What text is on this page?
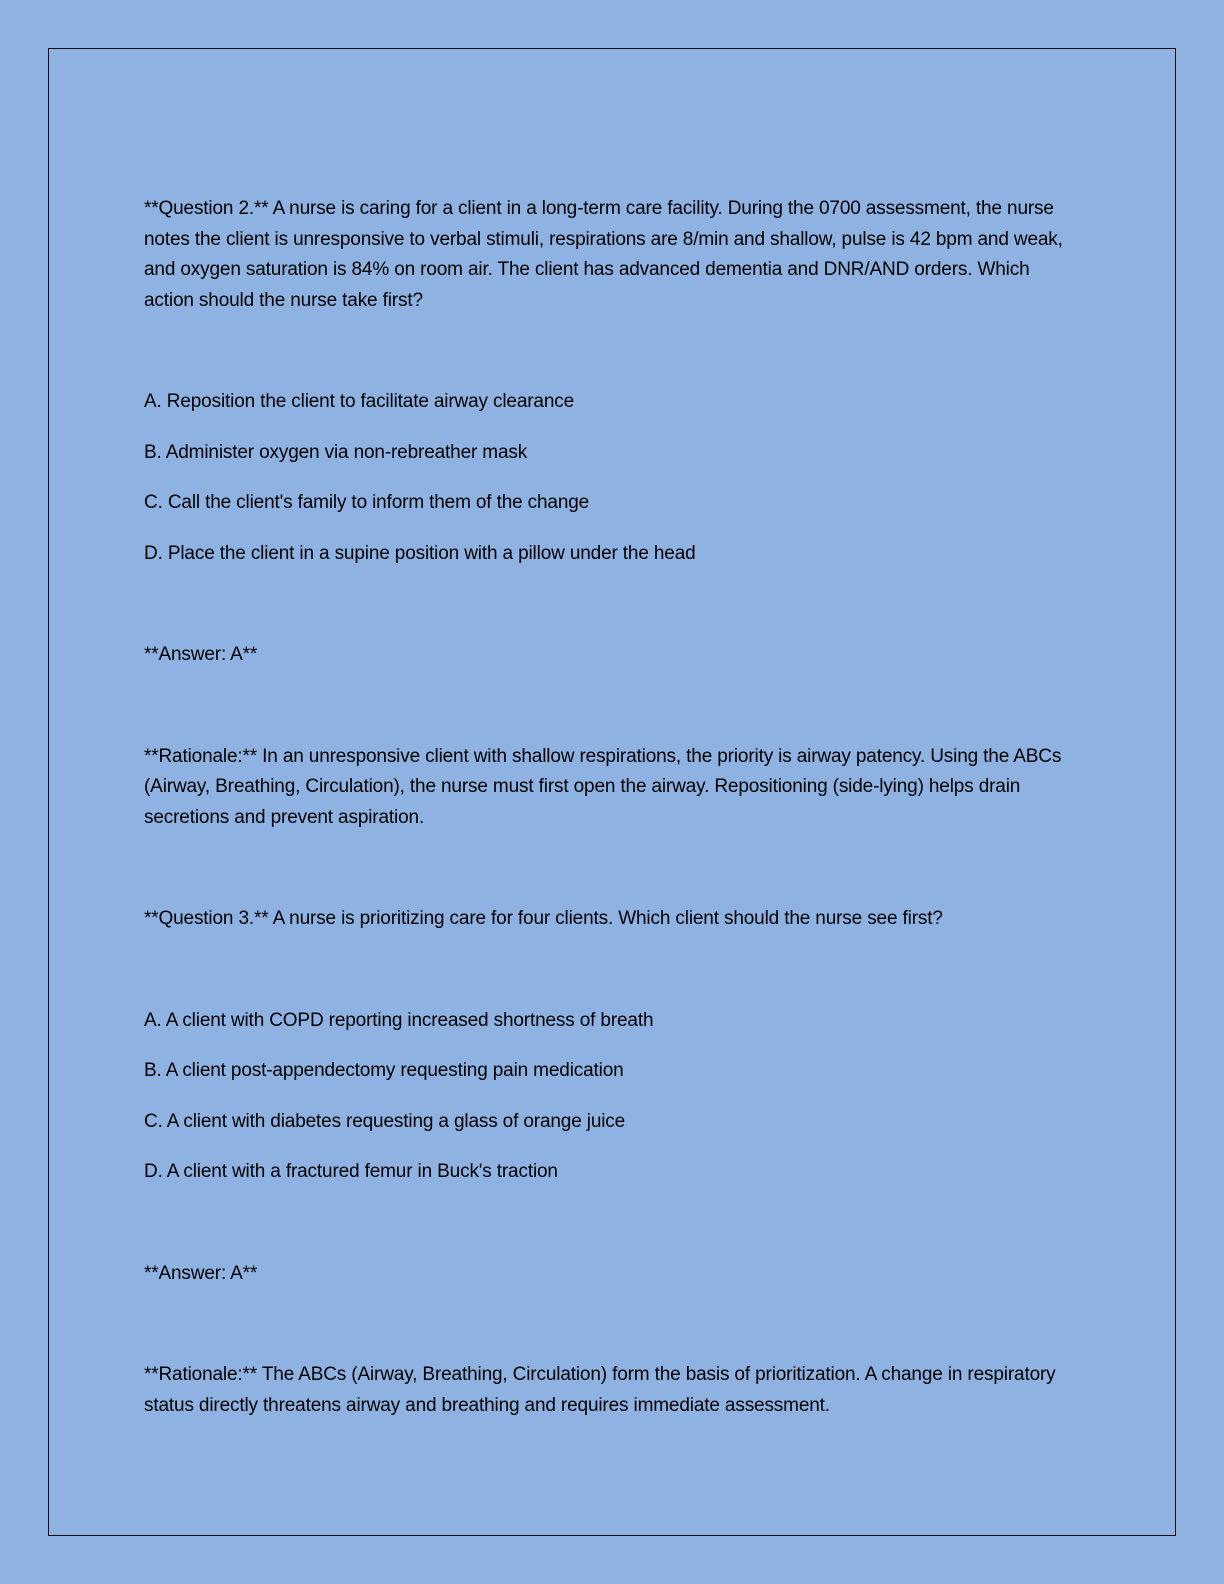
**Question 2.** A nurse is caring for a client in a long-term care facility. During the 0700 assessment, the nurse notes the client is unresponsive to verbal stimuli, respirations are 8/min and shallow, pulse is 42 bpm and weak, and oxygen saturation is 84% on room air. The client has advanced dementia and DNR/AND orders. Which action should the nurse take first?

A. Reposition the client to facilitate airway clearance

B. Administer oxygen via non-rebreather mask

C. Call the client's family to inform them of the change

D. Place the client in a supine position with a pillow under the head

**Answer: A**

**Rationale:** In an unresponsive client with shallow respirations, the priority is airway patency. Using the ABCs (Airway, Breathing, Circulation), the nurse must first open the airway. Repositioning (side-lying) helps drain secretions and prevent aspiration.

**Question 3.** A nurse is prioritizing care for four clients. Which client should the nurse see first?

A. A client with COPD reporting increased shortness of breath

B. A client post-appendectomy requesting pain medication

C. A client with diabetes requesting a glass of orange juice

D. A client with a fractured femur in Buck's traction

**Answer: A**

**Rationale:** The ABCs (Airway, Breathing, Circulation) form the basis of prioritization. A change in respiratory status directly threatens airway and breathing and requires immediate assessment.
